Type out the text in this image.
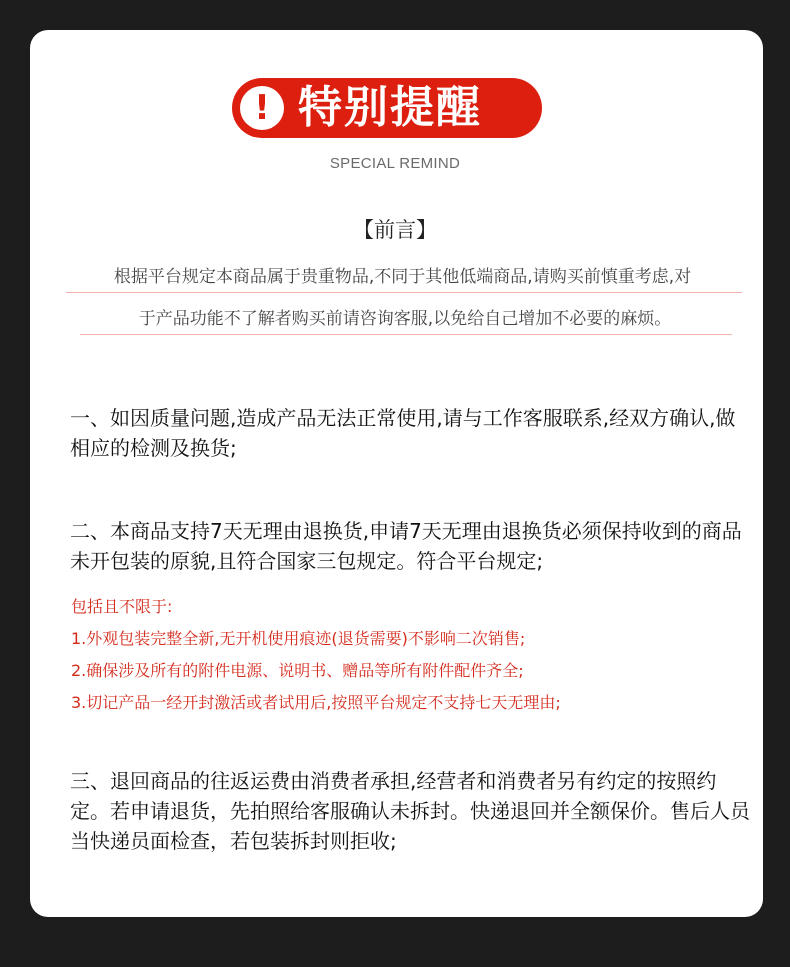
! 特别提醒
SPECIAL REMIND
【前言】
根据平台规定本商品属于贵重物品,不同于其他低端商品,请购买前慎重考虑,对
于产品功能不了解者购买前请咨询客服,以免给自己增加不必要的麻烦。
一、如因质量问题,造成产品无法正常使用,请与工作客服联系,经双方确认,做相应的检测及换货;
二、本商品支持7天无理由退换货,申请7天无理由退换货必须保持收到的商品未开包装的原貌,且符合国家三包规定。符合平台规定;
包括且不限于:
1.外观包装完整全新,无开机使用痕迹(退货需要)不影响二次销售;
2.确保涉及所有的附件电源、说明书、赠品等所有附件配件齐全;
3.切记产品一经开封激活或者试用后,按照平台规定不支持七天无理由;
三、退回商品的往返运费由消费者承担,经营者和消费者另有约定的按照约定。若申请退货，先拍照给客服确认未拆封。快递退回并全额保价。售后人员当快递员面检查，若包装拆封则拒收;
